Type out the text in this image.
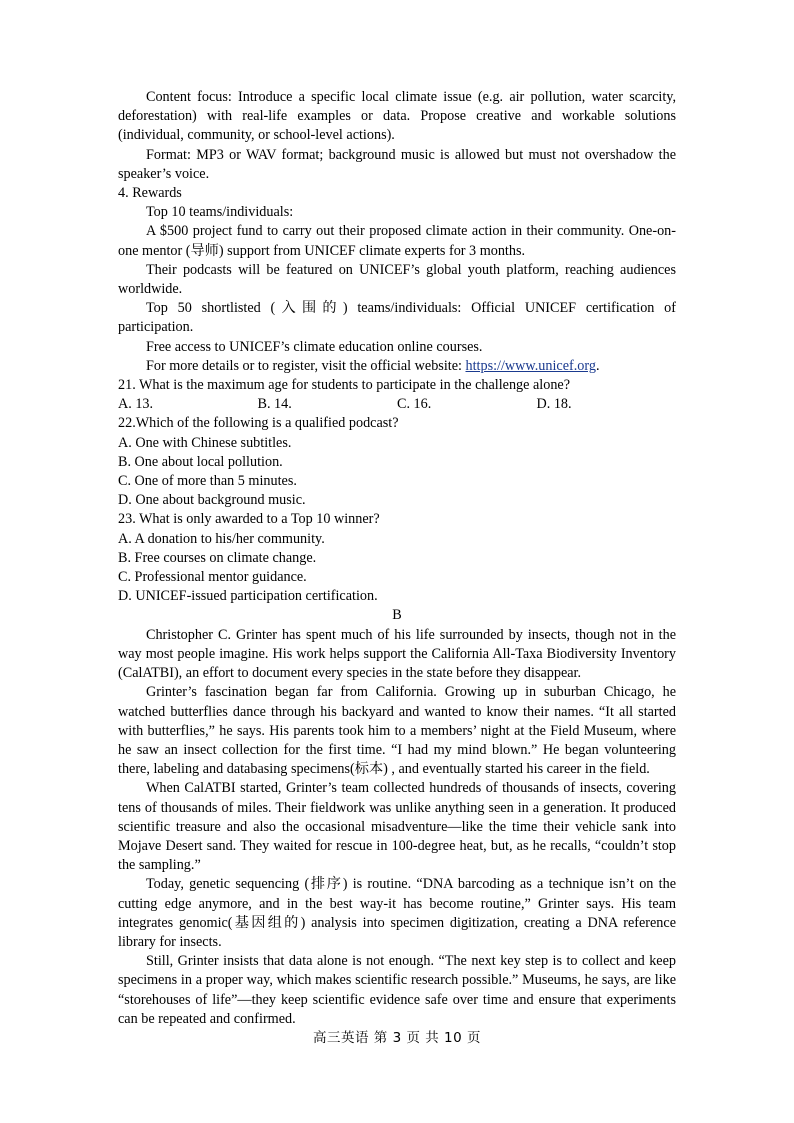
Content focus: Introduce a specific local climate issue (e.g. air pollution, water scarcity, deforestation) with real-life examples or data. Propose creative and workable solutions (individual, community, or school-level actions).

Format: MP3 or WAV format; background music is allowed but must not overshadow the speaker’s voice.

4. Rewards

Top 10 teams/individuals:

A $500 project fund to carry out their proposed climate action in their community. One-on-one mentor (导师) support from UNICEF climate experts for 3 months.

Their podcasts will be featured on UNICEF’s global youth platform, reaching audiences worldwide.

Top 50 shortlisted (入围的) teams/individuals: Official UNICEF certification of participation.

Free access to UNICEF’s climate education online courses.

For more details or to register, visit the official website: https://www.unicef.org.

21. What is the maximum age for students to participate in the challenge alone?

A. 13.	B. 14.	C. 16.	D. 18.

22.Which of the following is a qualified podcast?

A. One with Chinese subtitles.

B. One about local pollution.

C. One of more than 5 minutes.

D. One about background music.

23. What is only awarded to a Top 10 winner?

A. A donation to his/her community.

B. Free courses on climate change.

C. Professional mentor guidance.

D. UNICEF-issued participation certification.

B

Christopher C. Grinter has spent much of his life surrounded by insects, though not in the way most people imagine. His work helps support the California All-Taxa Biodiversity Inventory (CalATBI), an effort to document every species in the state before they disappear.

Grinter’s fascination began far from California. Growing up in suburban Chicago, he watched butterflies dance through his backyard and wanted to know their names. “It all started with butterflies,” he says. His parents took him to a members’ night at the Field Museum, where he saw an insect collection for the first time. “I had my mind blown.” He began volunteering there, labeling and databasing specimens(标本) , and eventually started his career in the field.

When CalATBI started, Grinter’s team collected hundreds of thousands of insects, covering tens of thousands of miles. Their fieldwork was unlike anything seen in a generation. It produced scientific treasure and also the occasional misadventure—like the time their vehicle sank into Mojave Desert sand. They waited for rescue in 100-degree heat, but, as he recalls, “couldn’t stop the sampling.”

Today, genetic sequencing (排序) is routine. “DNA barcoding as a technique isn’t on the cutting edge anymore, and in the best way-it has become routine,” Grinter says. His team integrates genomic(基因组的) analysis into specimen digitization, creating a DNA reference library for insects.

Still, Grinter insists that data alone is not enough. “The next key step is to collect and keep specimens in a proper way, which makes scientific research possible.” Museums, he says, are like “storehouses of life”—they keep scientific evidence safe over time and ensure that experiments can be repeated and confirmed.

高三英语 第 3 页 共 10 页
